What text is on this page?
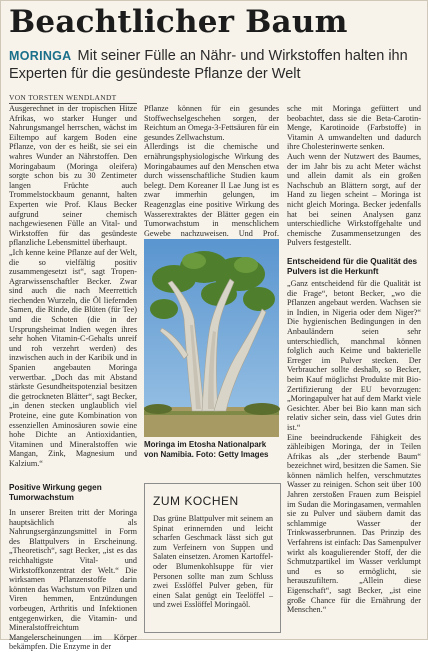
Beachtlicher Baum
MORINGA Mit seiner Fülle an Nähr- und Wirkstoffen halten ihn Experten für die gesündeste Pflanze der Welt
VON TORSTEN WENDLANDT
Ausgerechnet in der tropischen Hitze Afrikas, wo starker Hunger und Nahrungsmangel herrschen, wächst im Eiltempo auf kargem Boden eine Pflanze, von der es heißt, sie sei ein wahres Wunder an Nährstoffen. Den Moringabaum (Moringa oleifera) sorgte schon bis zu 30 Zentimeter langen Früchte auch Trommelstockbaum genannt, halten Experten wie Prof. Klaus Becker aufgrund seiner chemisch nachgewiesenen Fülle an Vital- und Wirkstoffen für das gesündeste pflanzliche Lebensmittel überhaupt.
„Ich kenne keine Pflanze auf der Welt, die so vielfältig positiv zusammengesetzt ist“, sagt Tropen-Agrarwissenschaftler Becker. Zwar sind auch die nach Meerrettich riechenden Wurzeln, die Öl liefernden Samen, die Rinde, die Blüten (für Tee) und die Schoten (die in der Ursprungsheimat Indien wegen ihres sehr hohen Vitamin-C-Gehalts unreif und roh verzehrt werden) des inzwischen auch in der Karibik und in Spanien angebauten Moringa verwertbar. „Doch das mit Abstand stärkste Gesundheitspotenzial besitzen die getrockneten Blätter“, sagt Becker, „in denen stecken unglaublich viel Proteine, eine gute Kombination von essenziellen Aminosäuren sowie eine hohe Dichte an Antioxidantien, Vitaminen und Mineralstoffen wie Mangan, Zink, Magnesium und Kalzium.“
Positive Wirkung gegen Tumorwachstum
In unserer Breiten tritt der Moringa hauptsächlich als Nahrungsergänzungsmittel in Form des Blattpulvers in Erscheinung. „Theoretisch“, sagt Becker, „ist es das reichhaltigste Vital- und Wirkstoffkonzentrat der Welt.“ Die wirksamen Pflanzenstoffe darin könnten das Wachstum von Pilzen und Viren hemmen, Entzündungen vorbeugen, Arthritis und Infektionen entgegenwirken, die Vitamin- und Mineralstoffreichtum Mangelerscheinungen im Körper bekämpfen. Die Enzyme in der
Pflanze können für ein gesundes Stoffwechselgeschehen sorgen, der Reichtum an Omega-3-Fettsäuren für ein gesundes Zellwachstum.
Allerdings ist die chemische und ernährungsphysiologische Wirkung des Moringabaumes auf den Menschen etwa durch wissenschaftliche Studien kaum belegt. Dem Koreaner Il Lae Jung ist es zwar immerhin gelungen, im Reagenzglas eine positive Wirkung des Wasserextraktes der Blätter gegen ein Tumorwachstum in menschlichem Gewebe nachzuweisen. Und Prof.
Moringa im Etosha Nationalpark von Namibia. Foto: Getty Images
ZUM KOCHEN
Das grüne Blattpulver mit seinem an Spinat erinnernden und leicht scharfen Geschmack lässt sich gut zum Verfeinern von Suppen und Salaten einsetzen. Aromen Kartoffel- oder Blumenkohlsuppe für vier Personen sollte man zum Schluss zwei Esslöffel Pulver geben, für einen Salat genügt ein Teelöffel – und zwei Esslöffel Moringaöl.
sche mit Moringa gefüttert und beobachtet, dass sie die Beta-Carotin-Menge, Karotinoide (Farbstoffe) in Vitamin A umwandelten und dadurch ihre Cholesterinwerte senken.
Auch wenn der Nutzwert des Baumes, der im Jahr bis zu acht Meter wächst und allein damit als ein großen Nachschub an Blättern sorgt, auf der Hand zu liegen scheint – Moringa ist nicht gleich Moringa. Becker jedenfalls hat bei seinen Analysen ganz unterschiedliche Wirkstoffgehalte und chemische Zusammensetzungen des Pulvers festgestellt.
Entscheidend für die Qualität des Pulvers ist die Herkunft
„Ganz entscheidend für die Qualität ist die Frage“, betont Becker, „wo die Pflanzen angebaut werden. Wachsen sie in Indien, in Nigeria oder dem Niger?“ Die hygienischen Bedingungen in den Anbauländern seien sehr unterschiedlich, manchmal können folglich auch Keime und bakterielle Erreger im Pulver stecken. Der Verbraucher sollte deshalb, so Becker, beim Kauf möglichst Produkte mit Bio-Zertifizierung der EU bevorzugen: „Moringapulver hat auf dem Markt viele Gesichter. Aber bei Bio kann man sich relativ sicher sein, dass viel Gutes drin ist.“
Eine beeindruckende Fähigkeit des zähleibigen Moringa, der in Teilen Afrikas als „der sterbende Baum“ bezeichnet wird, besitzen die Samen. Sie können nämlich helfen, verschmutztes Wasser zu reinigen. Schon seit über 100 Jahren zerstoßen Frauen zum Beispiel im Sudan die Moringasamen, vermahlen sie zu Pulver und säubern damit das schlammige Wasser der Trinkwasserbrunnen. Das Prinzip des Verfahrens ist einfach: Das Samenpulver wirkt als koagulierender Stoff, der die Schmutzpartikel im Wasser verklumpt und es so ermöglicht, sie herauszufiltern. „Allein diese Eigenschaft“, sagt Becker, „ist eine große Chance für die Ernährung der Menschen.“
